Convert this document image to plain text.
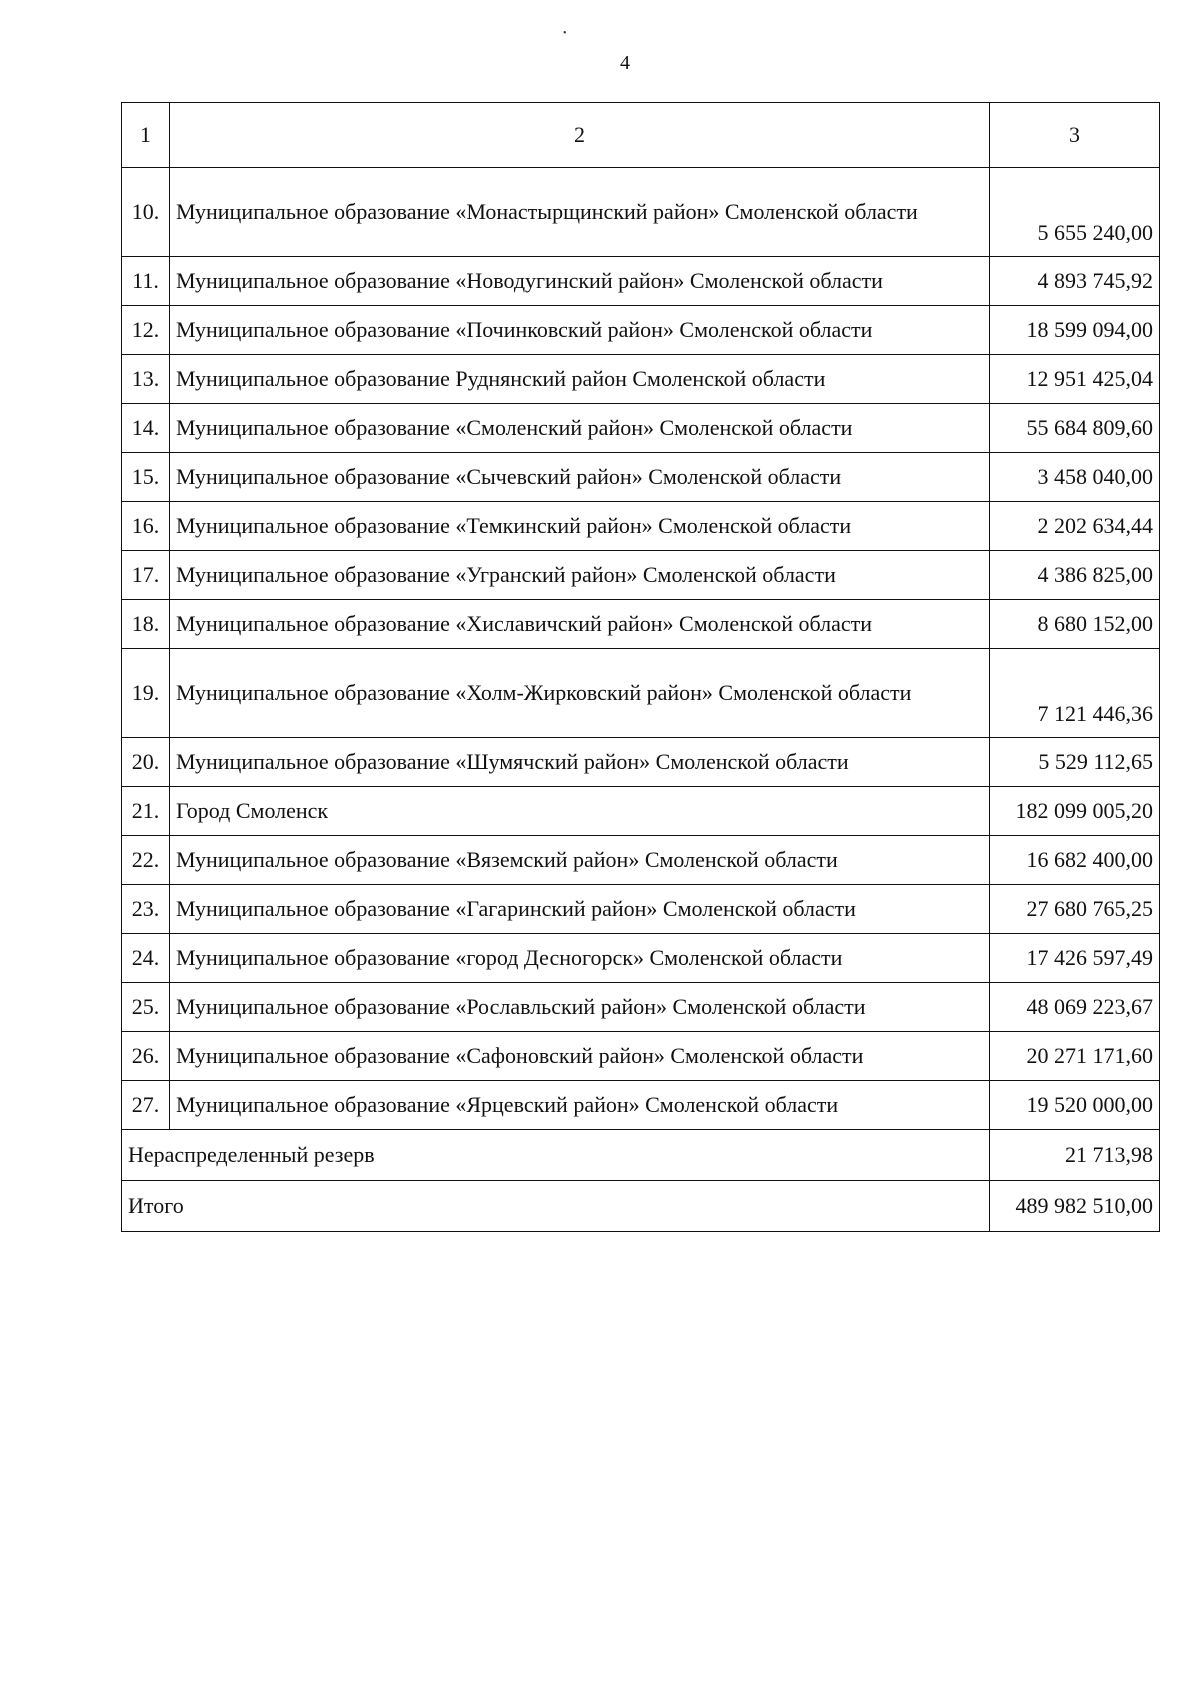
4
1	2	3
10.	Муниципальное образование «Монастырщинский район» Смоленской области	5 655 240,00
11.	Муниципальное образование «Новодугинский район» Смоленской области	4 893 745,92
12.	Муниципальное образование «Починковский район» Смоленской области	18 599 094,00
13.	Муниципальное образование Руднянский район Смоленской области	12 951 425,04
14.	Муниципальное образование «Смоленский район» Смоленской области	55 684 809,60
15.	Муниципальное образование «Сычевский район» Смоленской области	3 458 040,00
16.	Муниципальное образование «Темкинский район» Смоленской области	2 202 634,44
17.	Муниципальное образование «Угранский район» Смоленской области	4 386 825,00
18.	Муниципальное образование «Хиславичский район» Смоленской области	8 680 152,00
19.	Муниципальное образование «Холм-Жирковский район» Смоленской области	7 121 446,36
20.	Муниципальное образование «Шумячский район» Смоленской области	5 529 112,65
21.	Город Смоленск	182 099 005,20
22.	Муниципальное образование «Вяземский район» Смоленской области	16 682 400,00
23.	Муниципальное образование «Гагаринский район» Смоленской области	27 680 765,25
24.	Муниципальное образование «город Десногорск» Смоленской области	17 426 597,49
25.	Муниципальное образование «Рославльский район» Смоленской области	48 069 223,67
26.	Муниципальное образование «Сафоновский район» Смоленской области	20 271 171,60
27.	Муниципальное образование «Ярцевский район» Смоленской области	19 520 000,00
Нераспределенный резерв		21 713,98
Итого		489 982 510,00
•
